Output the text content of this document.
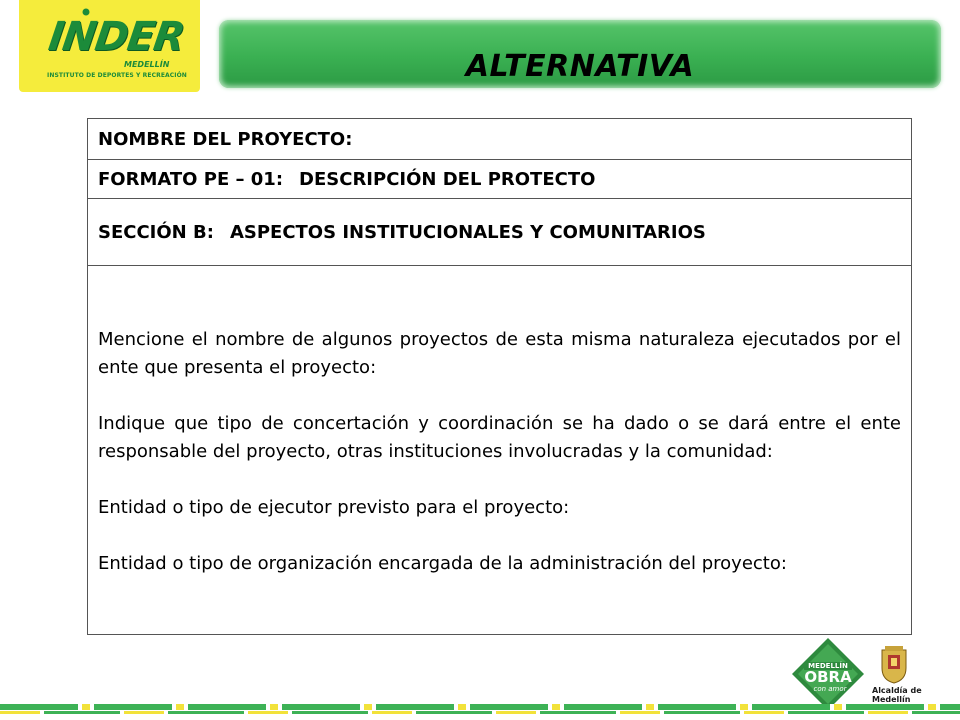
INDER
MEDELLÍN
INSTITUTO DE DEPORTES Y RECREACIÓN	ALTERNATIVA
NOMBRE DEL PROYECTO:
FORMATO PE – 01: DESCRIPCIÓN DEL PROTECTO
SECCIÓN B: ASPECTOS INSTITUCIONALES Y COMUNITARIOS

Mencione el nombre de algunos proyectos de esta misma naturaleza ejecutados por el ente que presenta el proyecto:

Indique que tipo de concertación y coordinación se ha dado o se dará entre el ente responsable del proyecto, otras instituciones involucradas y la comunidad:

Entidad o tipo de ejecutor previsto para el proyecto:

Entidad o tipo de organización encargada de la administración del proyecto:

MEDELLÍN
OBRA
con amor	Alcaldía de Medellín
